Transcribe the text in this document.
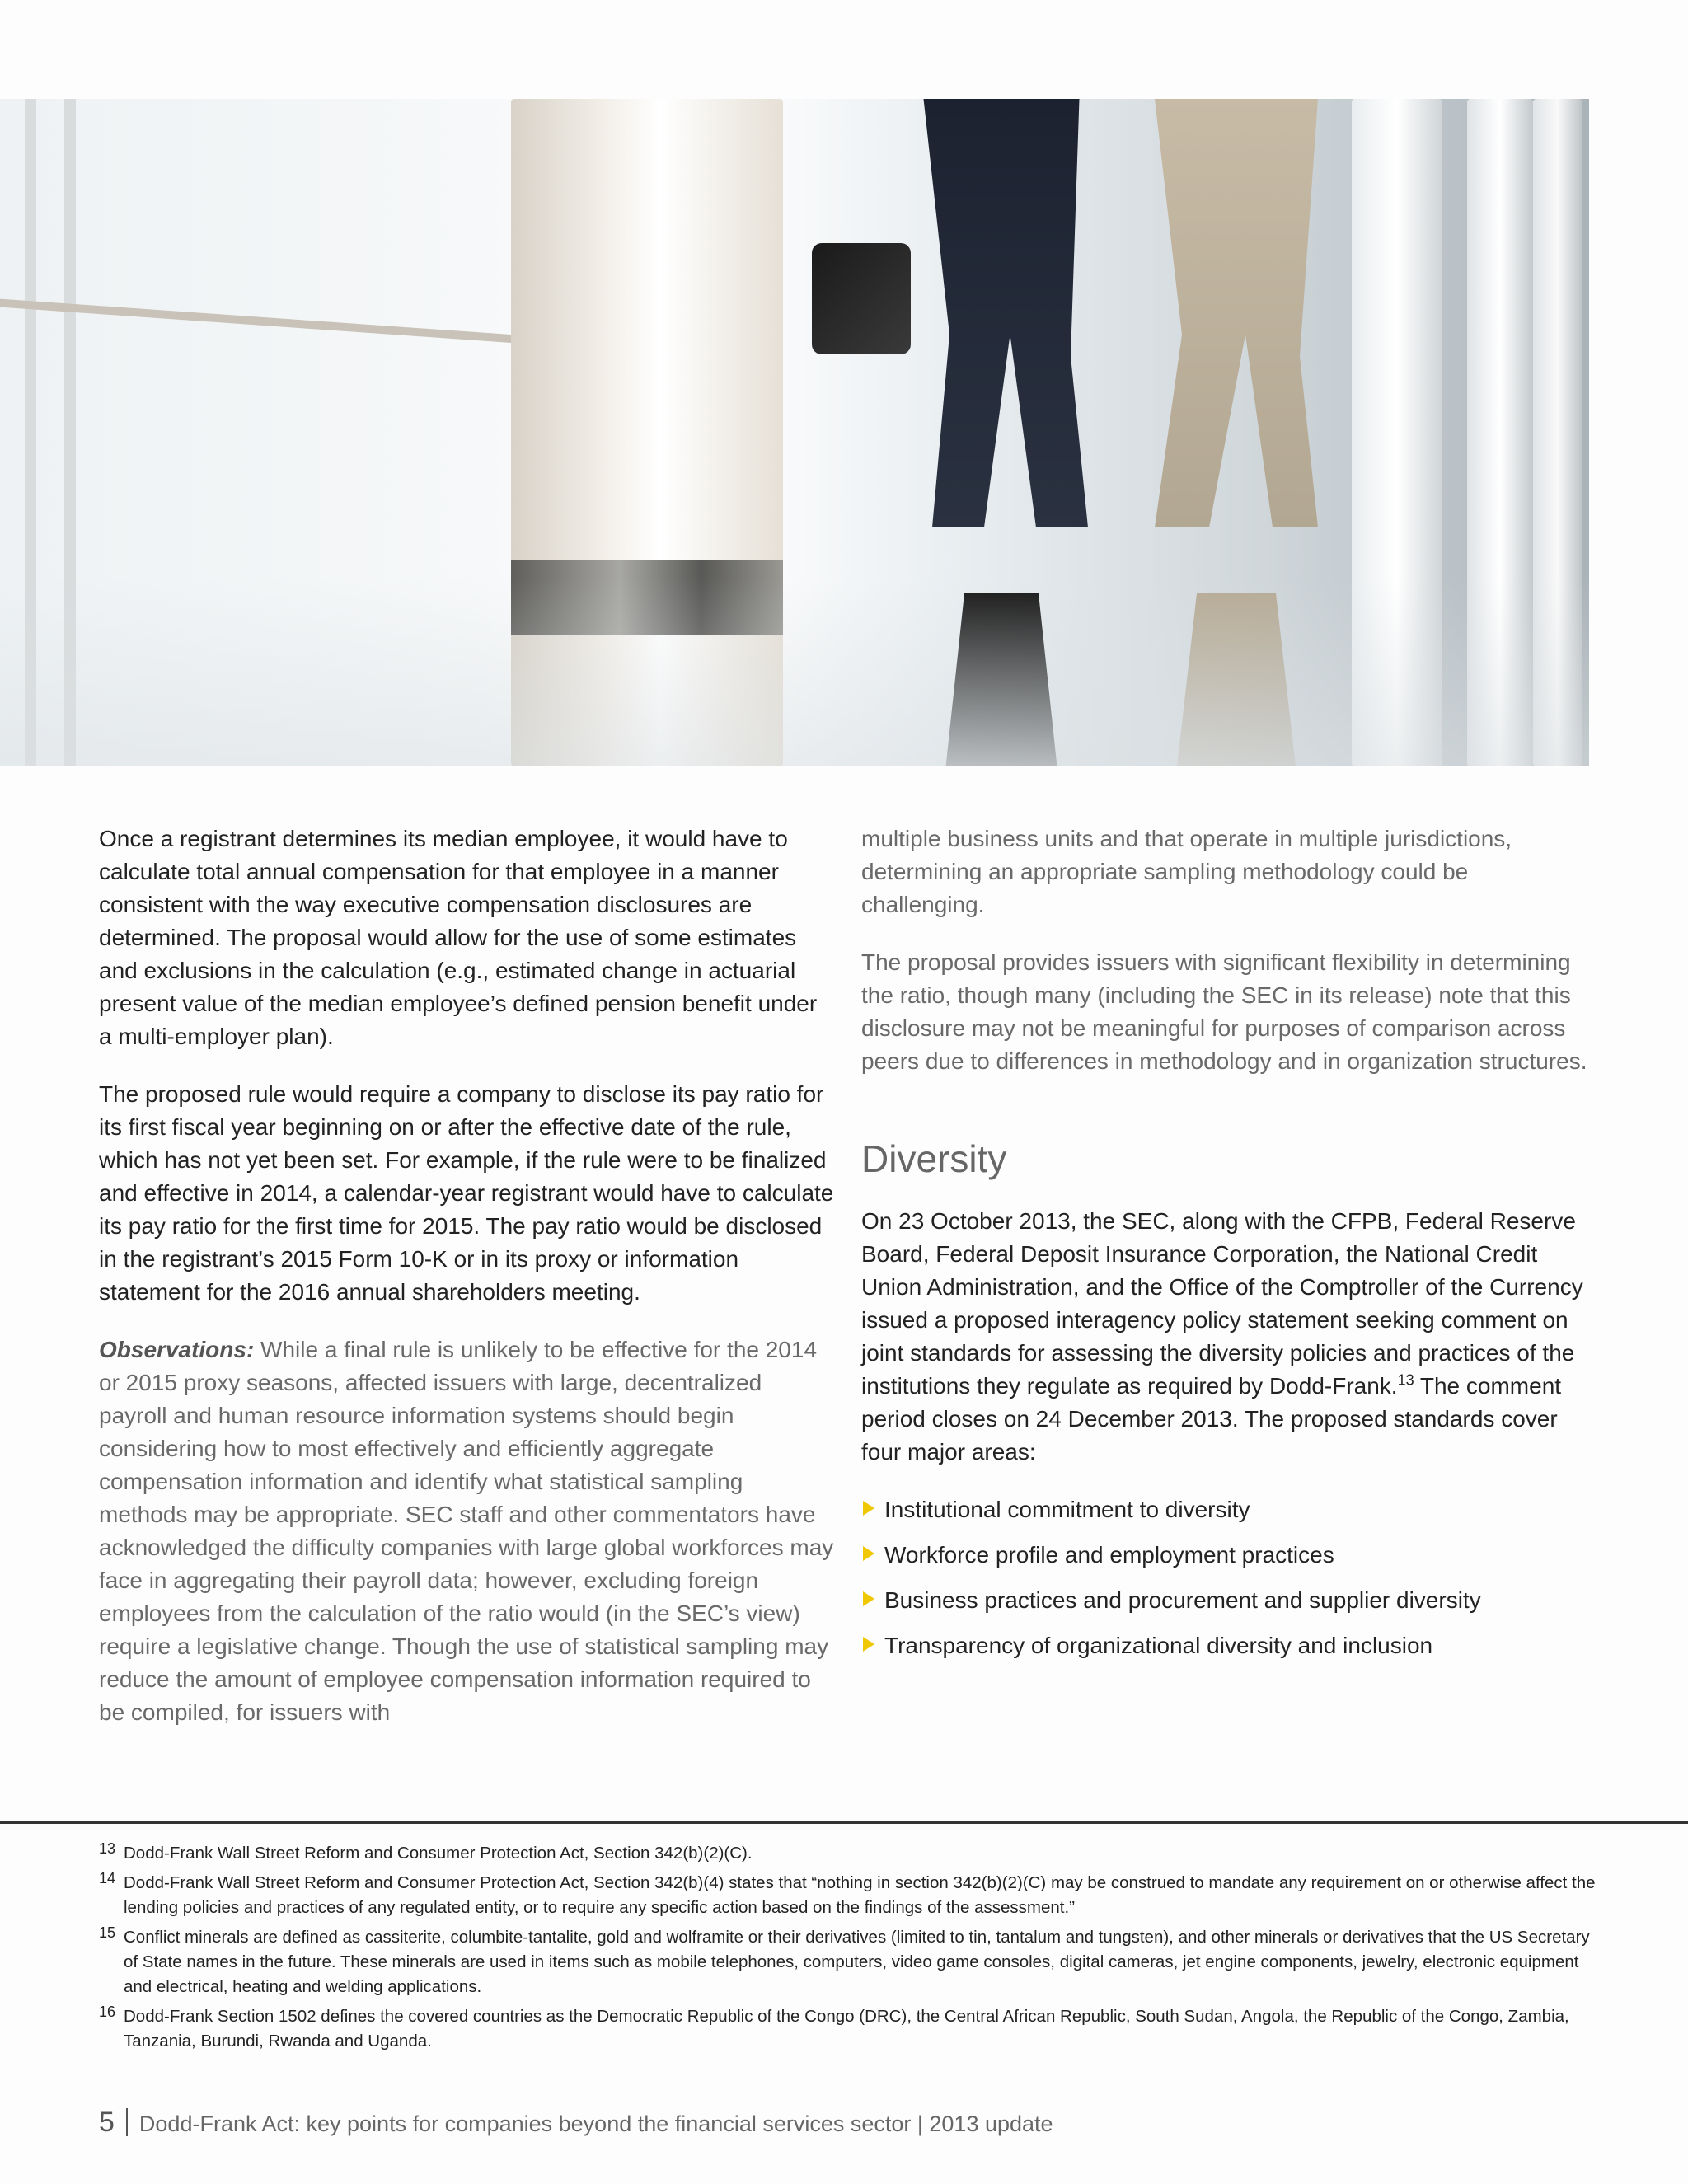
Once a registrant determines its median employee, it would have to calculate total annual compensation for that employee in a manner consistent with the way executive compensation disclosures are determined. The proposal would allow for the use of some estimates and exclusions in the calculation (e.g., estimated change in actuarial present value of the median employee’s defined pension benefit under a multi-employer plan).

The proposed rule would require a company to disclose its pay ratio for its first fiscal year beginning on or after the effective date of the rule, which has not yet been set. For example, if the rule were to be finalized and effective in 2014, a calendar-year registrant would have to calculate its pay ratio for the first time for 2015. The pay ratio would be disclosed in the registrant’s 2015 Form 10-K or in its proxy or information statement for the 2016 annual shareholders meeting.

Observations: While a final rule is unlikely to be effective for the 2014 or 2015 proxy seasons, affected issuers with large, decentralized payroll and human resource information systems should begin considering how to most effectively and efficiently aggregate compensation information and identify what statistical sampling methods may be appropriate. SEC staff and other commentators have acknowledged the difficulty companies with large global workforces may face in aggregating their payroll data; however, excluding foreign employees from the calculation of the ratio would (in the SEC’s view) require a legislative change. Though the use of statistical sampling may reduce the amount of employee compensation information required to be compiled, for issuers with

multiple business units and that operate in multiple jurisdictions, determining an appropriate sampling methodology could be challenging.

The proposal provides issuers with significant flexibility in determining the ratio, though many (including the SEC in its release) note that this disclosure may not be meaningful for purposes of comparison across peers due to differences in methodology and in organization structures.

Diversity

On 23 October 2013, the SEC, along with the CFPB, Federal Reserve Board, Federal Deposit Insurance Corporation, the National Credit Union Administration, and the Office of the Comptroller of the Currency issued a proposed interagency policy statement seeking comment on joint standards for assessing the diversity policies and practices of the institutions they regulate as required by Dodd-Frank.$^{13}$ The comment period closes on 24 December 2013. The proposed standards cover four major areas:

Institutional commitment to diversity
Workforce profile and employment practices
Business practices and procurement and supplier diversity
Transparency of organizational diversity and inclusion
13 Dodd-Frank Wall Street Reform and Consumer Protection Act, Section 342(b)(2)(C).
14 Dodd-Frank Wall Street Reform and Consumer Protection Act, Section 342(b)(4) states that “nothing in section 342(b)(2)(C) may be construed to mandate any requirement on or otherwise affect the lending policies and practices of any regulated entity, or to require any specific action based on the findings of the assessment.”
15 Conflict minerals are defined as cassiterite, columbite-tantalite, gold and wolframite or their derivatives (limited to tin, tantalum and tungsten), and other minerals or derivatives that the US Secretary of State names in the future. These minerals are used in items such as mobile telephones, computers, video game consoles, digital cameras, jet engine components, jewelry, electronic equipment and electrical, heating and welding applications.
16 Dodd-Frank Section 1502 defines the covered countries as the Democratic Republic of the Congo (DRC), the Central African Republic, South Sudan, Angola, the Republic of the Congo, Zambia, Tanzania, Burundi, Rwanda and Uganda.
5 Dodd-Frank Act: key points for companies beyond the financial services sector | 2013 update
